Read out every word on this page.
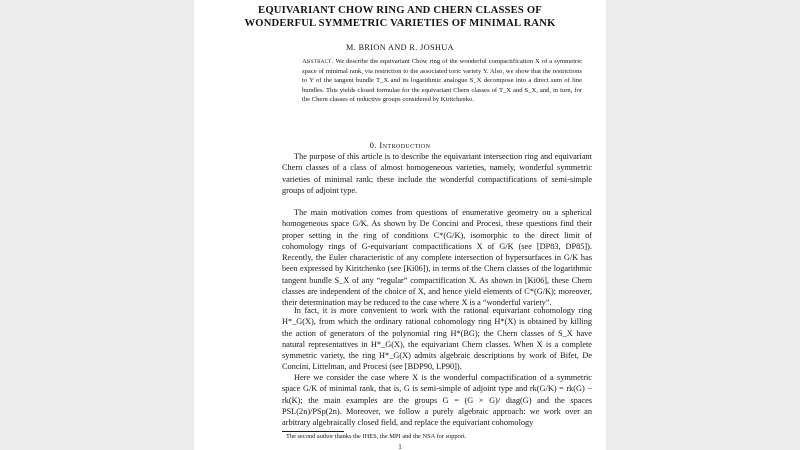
EQUIVARIANT CHOW RING AND CHERN CLASSES OF
WONDERFUL SYMMETRIC VARIETIES OF MINIMAL RANK
M. BRION AND R. JOSHUA
Abstract. We describe the equivariant Chow ring of the wonderful compactification X of a symmetric space of minimal rank, via restriction to the associated toric variety Y. Also, we show that the restrictions to Y of the tangent bundle T_X and its logarithmic analogue S_X decompose into a direct sum of line bundles. This yields closed formulae for the equivariant Chern classes of T_X and S_X, and, in turn, for the Chern classes of reductive groups considered by Kiritchenko.
0. Introduction

The purpose of this article is to describe the equivariant intersection ring and equivariant Chern classes of a class of almost homogeneous varieties, namely, wonderful symmetric varieties of minimal rank; these include the wonderful compactifications of semi-simple groups of adjoint type.

The main motivation comes from questions of enumerative geometry on a spherical homogeneous space G/K. As shown by De Concini and Procesi, these questions find their proper setting in the ring of conditions C*(G/K), isomorphic to the direct limit of cohomology rings of G-equivariant compactifications X of G/K (see [DP83, DP85]). Recently, the Euler characteristic of any complete intersection of hypersurfaces in G/K has been expressed by Kiritchenko (see [Ki06]), in terms of the Chern classes of the logarithmic tangent bundle S_X of any “regular” compactification X. As shown in [Ki06], these Chern classes are independent of the choice of X, and hence yield elements of C*(G/K); moreover, their determination may be reduced to the case where X is a “wonderful variety”.

In fact, it is more convenient to work with the rational equivariant cohomology ring H*_G(X), from which the ordinary rational cohomology ring H*(X) is obtained by killing the action of generators of the polynomial ring H*(BG); the Chern classes of S_X have natural representatives in H*_G(X), the equivariant Chern classes. When X is a complete symmetric variety, the ring H*_G(X) admits algebraic descriptions by work of Bifet, De Concini, Littelman, and Procesi (see [BDP90, LP90]).

Here we consider the case where X is the wonderful compactification of a symmetric space G/K of minimal rank, that is, G is semi-simple of adjoint type and rk(G/K) = rk(G) − rk(K); the main examples are the groups G = (G × G)/ diag(G) and the spaces PSL(2n)/PSp(2n). Moreover, we follow a purely algebraic approach: we work over an arbitrary algebraically closed field, and replace the equivariant cohomology

The second author thanks the IHES, the MPI and the NSA for support.
1
